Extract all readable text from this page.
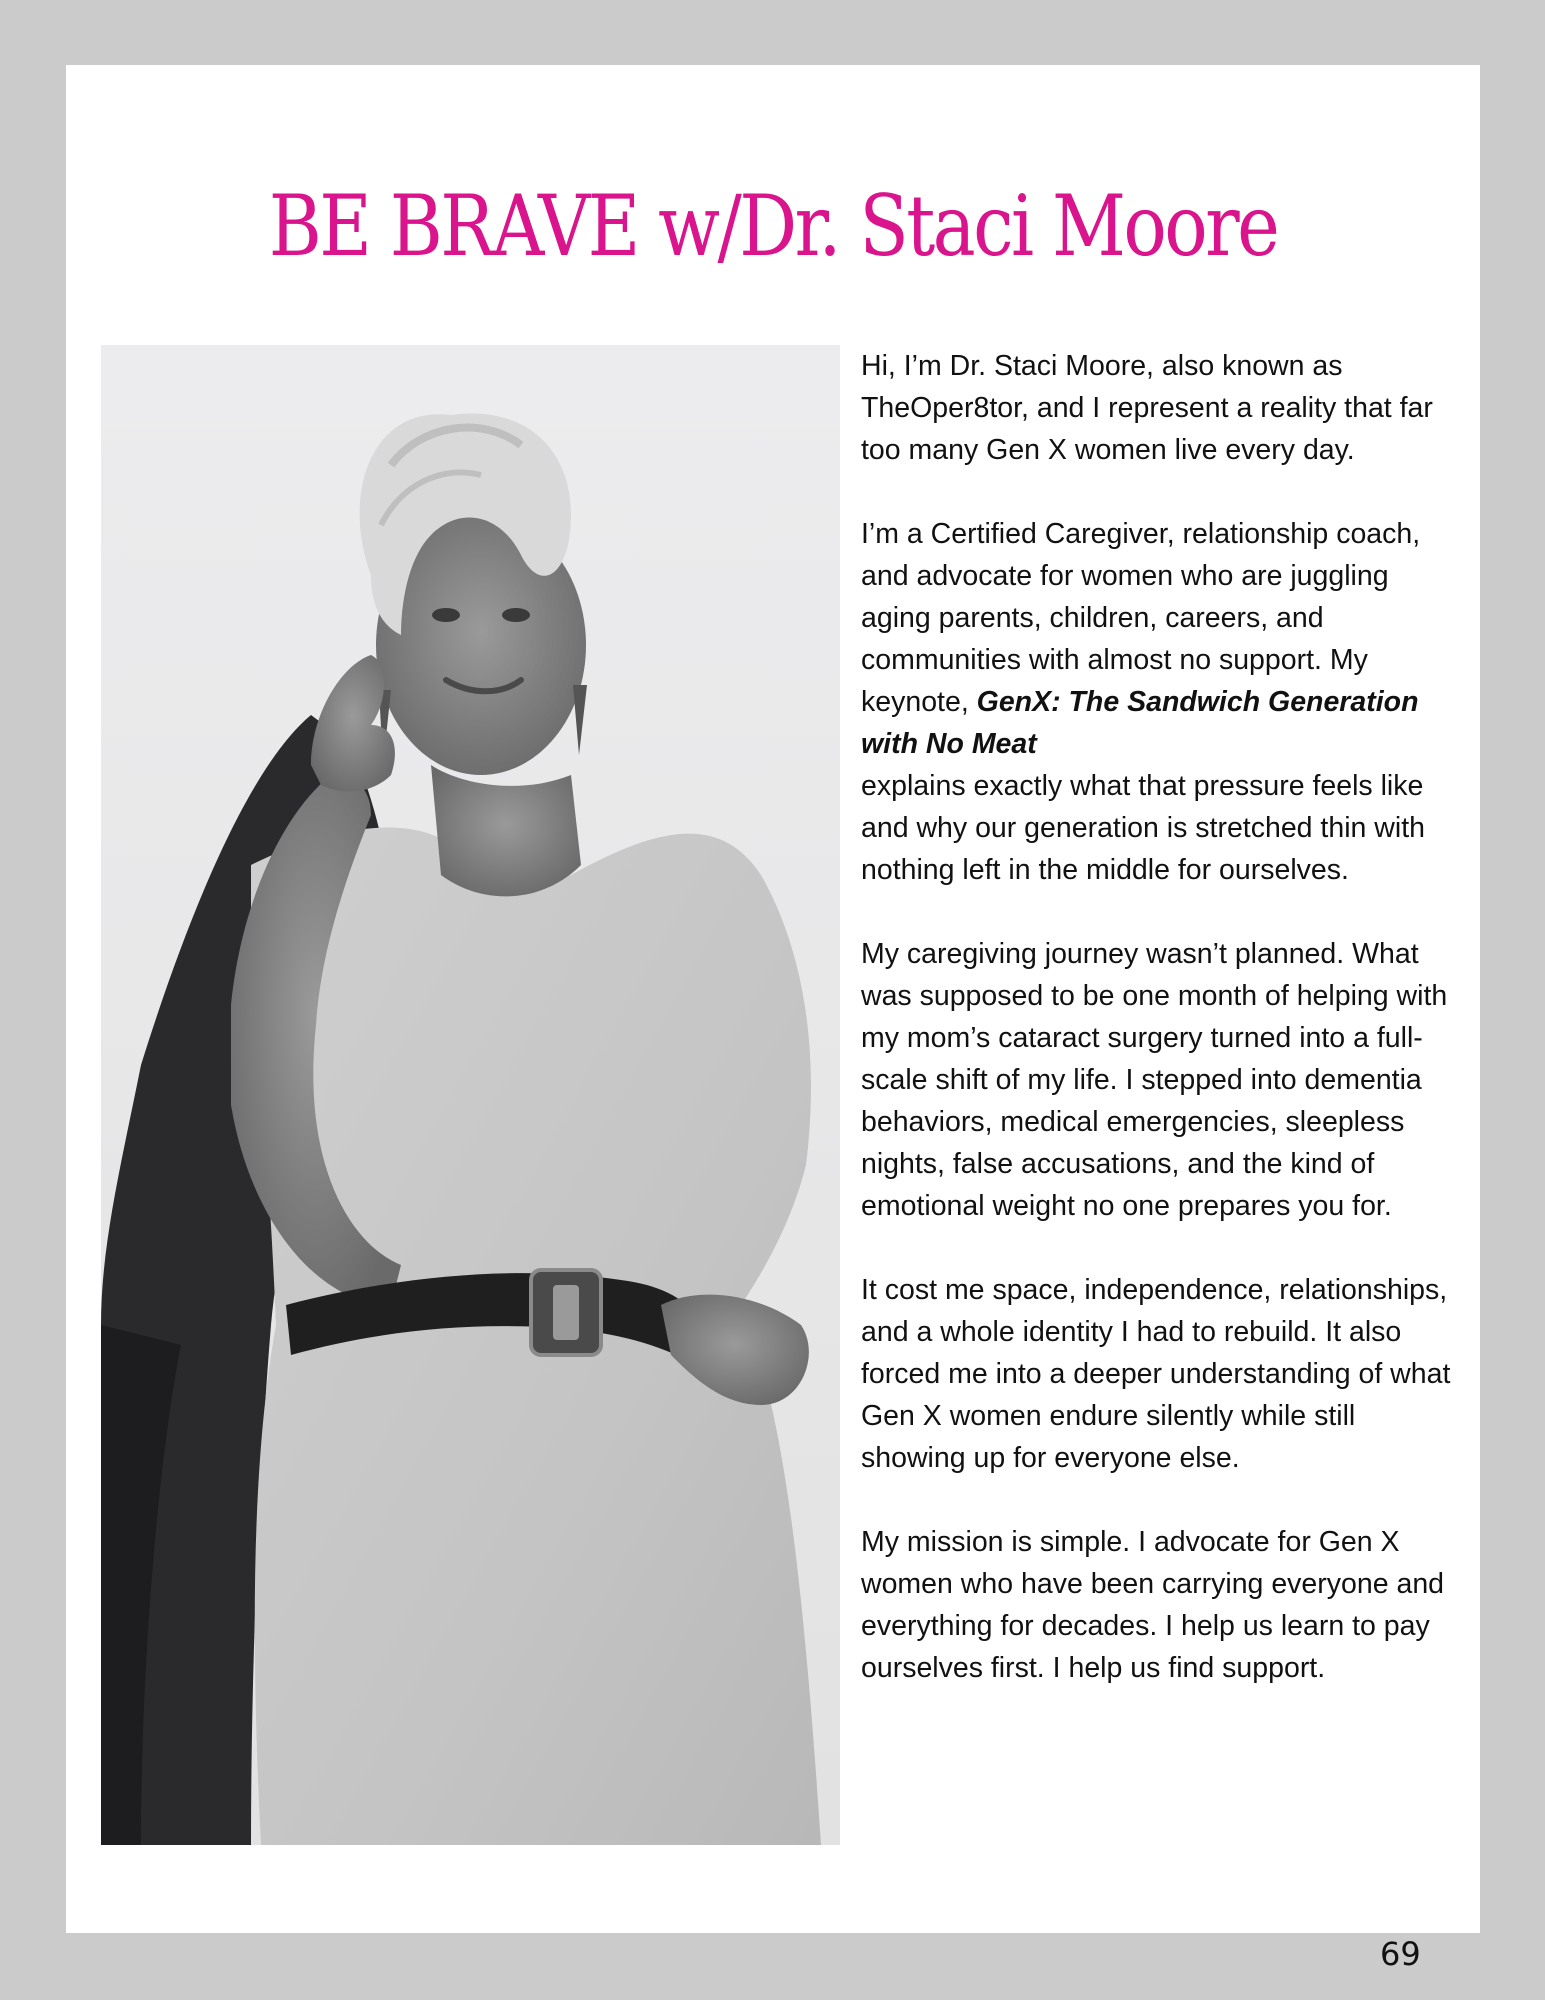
BE BRAVE w/Dr. Staci Moore

Hi, I’m Dr. Staci Moore, also known as TheOper8tor, and I represent a reality that far too many Gen X women live every day.

I’m a Certified Caregiver, relationship coach, and advocate for women who are juggling aging parents, children, careers, and communities with almost no support. My keynote, GenX: The Sandwich Generation with No Meat
explains exactly what that pressure feels like and why our generation is stretched thin with nothing left in the middle for ourselves.

My caregiving journey wasn’t planned. What was supposed to be one month of helping with my mom’s cataract surgery turned into a full-scale shift of my life. I stepped into dementia behaviors, medical emergencies, sleepless nights, false accusations, and the kind of emotional weight no one prepares you for.

It cost me space, independence, relationships, and a whole identity I had to rebuild. It also forced me into a deeper understanding of what Gen X women endure silently while still showing up for everyone else.

My mission is simple. I advocate for Gen X women who have been carrying everyone and everything for decades. I help us learn to pay ourselves first. I help us find support.

69
